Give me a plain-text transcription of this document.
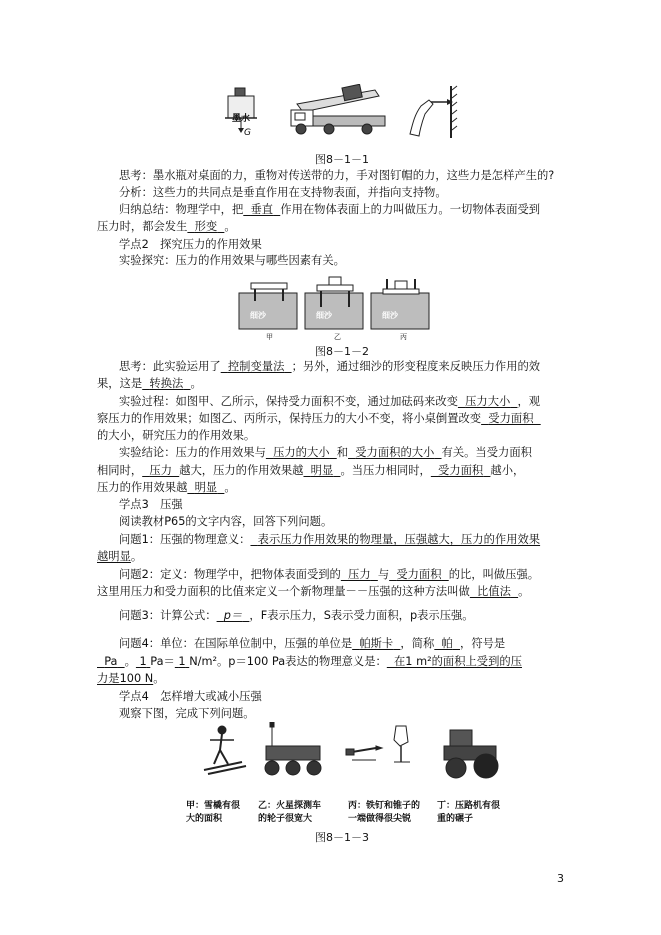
墨水
G
图8－1－1
思考：墨水瓶对桌面的力，重物对传送带的力，手对图钉帽的力，这些力是怎样产生的?
分析：这些力的共同点是垂直作用在支持物表面，并指向支持物。
归纳总结：物理学中，把 垂直 作用在物体表面上的力叫做压力。一切物体表面受到
压力时，都会发生 形变 。
学点2　探究压力的作用效果
实验探究：压力的作用效果与哪些因素有关。
细沙	细沙	细沙
甲	乙	丙
图8－1－2
思考：此实验运用了 控制变量法 ；另外，通过细沙的形变程度来反映压力作用的效
果，这是 转换法 。
实验过程：如图甲、乙所示，保持受力面积不变，通过加砝码来改变 压力大小 ，观
察压力的作用效果；如图乙、丙所示，保持压力的大小不变，将小桌倒置改变 受力面积
的大小，研究压力的作用效果。
实验结论：压力的作用效果与 压力的大小 和 受力面积的大小 有关。当受力面积
相同时， 压力 越大，压力的作用效果越 明显 。当压力相同时， 受力面积 越小，
压力的作用效果越 明显 。
学点3　压强
阅读教材P65的文字内容，回答下列问题。
问题1：压强的物理意义： 表示压力作用效果的物理量，压强越大，压力的作用效果
越明显。
问题2：定义：物理学中，把物体表面受到的 压力 与 受力面积 的比，叫做压强。
这里用压力和受力面积的比值来定义一个新物理量－－压强的这种方法叫做 比值法 。
问题3：计算公式： p＝ ，F表示压力，S表示受力面积，p表示压强。
问题4：单位：在国际单位制中，压强的单位是 帕斯卡 ，简称 帕 ，符号是
Pa 。 1 Pa＝ 1 N/m²。p＝100 Pa表达的物理意义是： 在1 m²的面积上受到的压
力是100 N。
学点4　怎样增大或减小压强
观察下图，完成下列问题。
甲：雪橇有很
大的面积
乙：火星探测车
的轮子很宽大
丙：铁钉和锥子的
一端做得很尖锐
丁：压路机有很
重的碾子
图8－1－3
3
